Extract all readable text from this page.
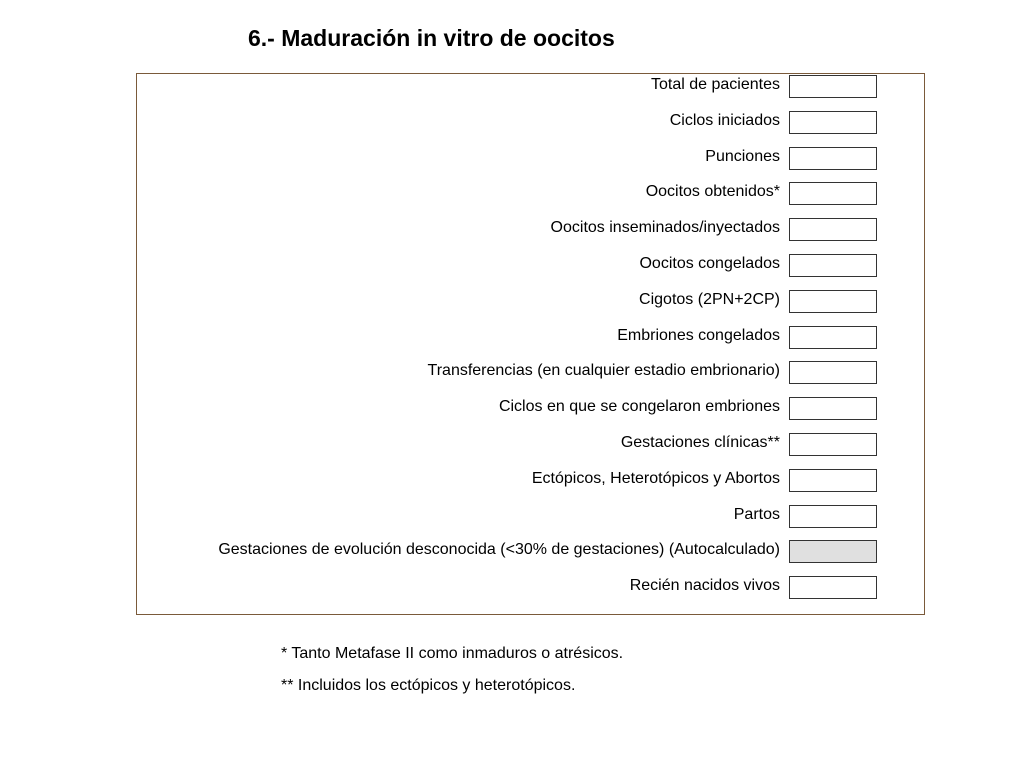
6.- Maduración in vitro de oocitos
Total de pacientes
Ciclos iniciados
Punciones
Oocitos obtenidos*
Oocitos inseminados/inyectados
Oocitos congelados
Cigotos (2PN+2CP)
Embriones congelados
Transferencias (en cualquier estadio embrionario)
Ciclos en que se congelaron embriones
Gestaciones clínicas**
Ectópicos, Heterotópicos y Abortos
Partos
Gestaciones de evolución desconocida (<30% de gestaciones) (Autocalculado)
Recién nacidos vivos
* Tanto Metafase II como inmaduros o atrésicos.
** Incluidos los ectópicos y heterotópicos.
